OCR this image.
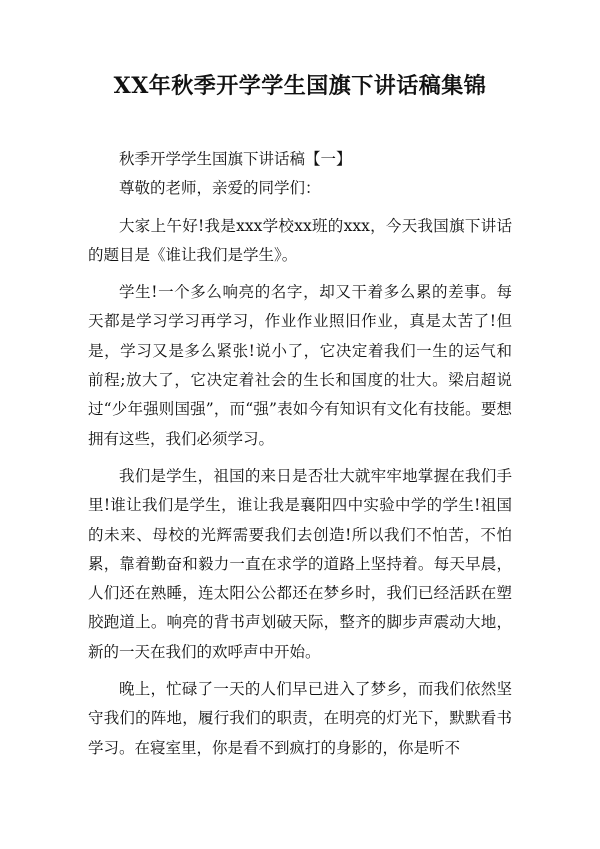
XX年秋季开学学生国旗下讲话稿集锦

秋季开学学生国旗下讲话稿【一】

尊敬的老师，亲爱的同学们：

大家上午好!我是xxx学校xx班的xxx，今天我国旗下讲话的题目是《谁让我们是学生》。

学生!一个多么响亮的名字，却又干着多么累的差事。每天都是学习学习再学习，作业作业照旧作业，真是太苦了!但是，学习又是多么紧张!说小了，它决定着我们一生的运气和前程;放大了，它决定着社会的生长和国度的壮大。梁启超说过“少年强则国强”，而“强”表如今有知识有文化有技能。要想拥有这些，我们必须学习。

我们是学生，祖国的来日是否壮大就牢牢地掌握在我们手里!谁让我们是学生，谁让我是襄阳四中实验中学的学生!祖国的未来、母校的光辉需要我们去创造!所以我们不怕苦，不怕累，靠着勤奋和毅力一直在求学的道路上坚持着。每天早晨，人们还在熟睡，连太阳公公都还在梦乡时，我们已经活跃在塑胶跑道上。响亮的背书声划破天际，整齐的脚步声震动大地，新的一天在我们的欢呼声中开始。

晚上，忙碌了一天的人们早已进入了梦乡，而我们依然坚守我们的阵地，履行我们的职责，在明亮的灯光下，默默看书学习。在寝室里，你是看不到疯打的身影的，你是听不
